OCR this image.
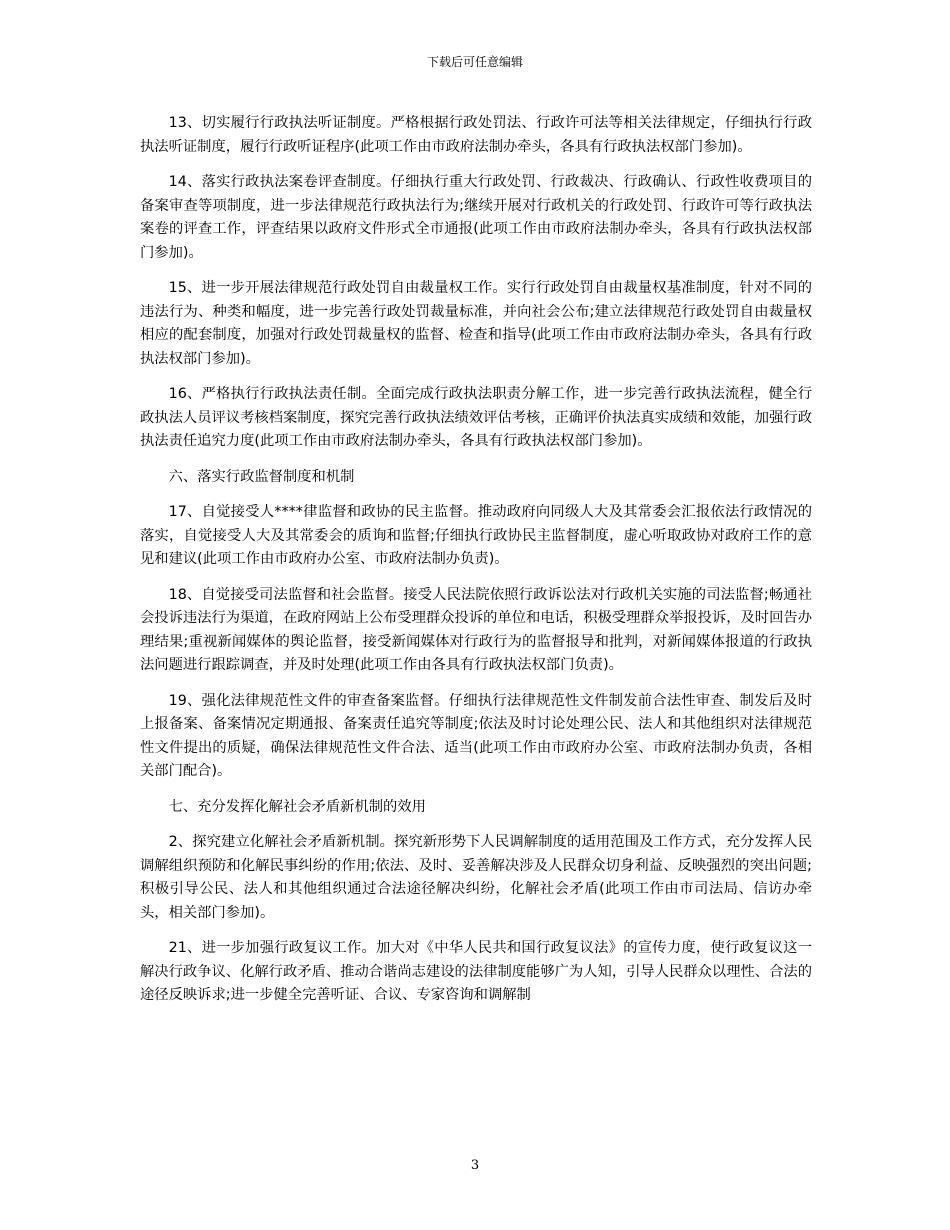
下载后可任意编辑

13、切实履行行政执法听证制度。严格根据行政处罚法、行政许可法等相关法律规定，仔细执行行政执法听证制度，履行行政听证程序(此项工作由市政府法制办牵头，各具有行政执法权部门参加)。

14、落实行政执法案卷评查制度。仔细执行重大行政处罚、行政裁决、行政确认、行政性收费项目的备案审查等项制度，进一步法律规范行政执法行为;继续开展对行政机关的行政处罚、行政许可等行政执法案卷的评查工作，评查结果以政府文件形式全市通报(此项工作由市政府法制办牵头，各具有行政执法权部门参加)。

15、进一步开展法律规范行政处罚自由裁量权工作。实行行政处罚自由裁量权基准制度，针对不同的违法行为、种类和幅度，进一步完善行政处罚裁量标准，并向社会公布;建立法律规范行政处罚自由裁量权相应的配套制度，加强对行政处罚裁量权的监督、检查和指导(此项工作由市政府法制办牵头，各具有行政执法权部门参加)。

16、严格执行行政执法责任制。全面完成行政执法职责分解工作，进一步完善行政执法流程，健全行政执法人员评议考核档案制度，探究完善行政执法绩效评估考核，正确评价执法真实成绩和效能，加强行政执法责任追究力度(此项工作由市政府法制办牵头，各具有行政执法权部门参加)。

六、落实行政监督制度和机制

17、自觉接受人****律监督和政协的民主监督。推动政府向同级人大及其常委会汇报依法行政情况的落实，自觉接受人大及其常委会的质询和监督;仔细执行政协民主监督制度，虚心听取政协对政府工作的意见和建议(此项工作由市政府办公室、市政府法制办负责)。

18、自觉接受司法监督和社会监督。接受人民法院依照行政诉讼法对行政机关实施的司法监督;畅通社会投诉违法行为渠道，在政府网站上公布受理群众投诉的单位和电话，积极受理群众举报投诉，及时回告办理结果;重视新闻媒体的舆论监督，接受新闻媒体对行政行为的监督报导和批判，对新闻媒体报道的行政执法问题进行跟踪调查，并及时处理(此项工作由各具有行政执法权部门负责)。

19、强化法律规范性文件的审查备案监督。仔细执行法律规范性文件制发前合法性审查、制发后及时上报备案、备案情况定期通报、备案责任追究等制度;依法及时讨论处理公民、法人和其他组织对法律规范性文件提出的质疑，确保法律规范性文件合法、适当(此项工作由市政府办公室、市政府法制办负责，各相关部门配合)。

七、充分发挥化解社会矛盾新机制的效用

2、探究建立化解社会矛盾新机制。探究新形势下人民调解制度的适用范围及工作方式，充分发挥人民调解组织预防和化解民事纠纷的作用;依法、及时、妥善解决涉及人民群众切身利益、反映强烈的突出问题;积极引导公民、法人和其他组织通过合法途径解决纠纷，化解社会矛盾(此项工作由市司法局、信访办牵头，相关部门参加)。

21、进一步加强行政复议工作。加大对《中华人民共和国行政复议法》的宣传力度，使行政复议这一解决行政争议、化解行政矛盾、推动合谐尚志建设的法律制度能够广为人知，引导人民群众以理性、合法的途径反映诉求;进一步健全完善听证、合议、专家咨询和调解制

3
